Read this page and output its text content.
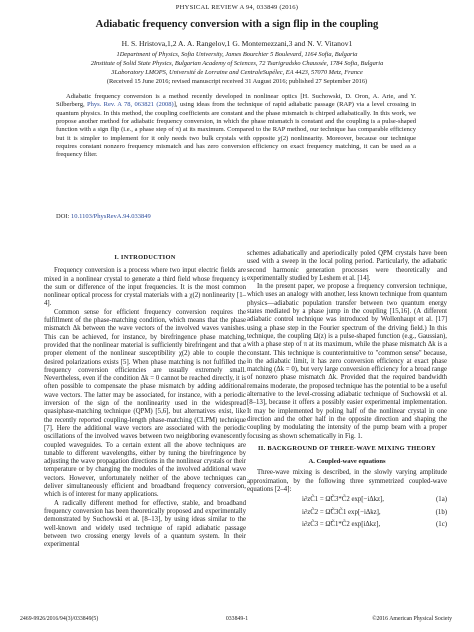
PHYSICAL REVIEW A 94, 033849 (2016)
Adiabatic frequency conversion with a sign flip in the coupling
H. S. Hristova,1,2 A. A. Rangelov,1 G. Montemezzani,3 and N. V. Vitanov1
1Department of Physics, Sofia University, James Bourchier 5 Boulevard, 1164 Sofia, Bulgaria
2Institute of Solid State Physics, Bulgarian Academy of Sciences, 72 Tsarigradsko Chaussée, 1784 Sofia, Bulgaria
3Laboratory LMOPS, Université de Lorraine and CentraleSupélec, EA 4423, 57070 Metz, France
(Received 15 June 2016; revised manuscript received 31 August 2016; published 27 September 2016)
Adiabatic frequency conversion is a method recently developed in nonlinear optics [H. Suchowski, D. Oron, A. Arie, and Y. Silberberg, Phys. Rev. A 78, 063821 (2008)], using ideas from the technique of rapid adiabatic passage (RAP) via a level crossing in quantum physics. In this method, the coupling coefficients are constant and the phase mismatch is chirped adiabatically. In this work, we propose another method for adiabatic frequency conversion, in which the phase mismatch is constant and the coupling is a pulse-shaped function with a sign flip (i.e., a phase step of π) at its maximum. Compared to the RAP method, our technique has comparable efficiency but it is simpler to implement for it only needs two bulk crystals with opposite χ(2) nonlinearity. Moreover, because our technique requires constant nonzero frequency mismatch and has zero conversion efficiency on exact frequency matching, it can be used as a frequency filter.
DOI: 10.1103/PhysRevA.94.033849
I. INTRODUCTION

Frequency conversion is a process where two input electric fields are mixed in a nonlinear crystal to generate a third field whose frequency is the sum or difference of the input frequencies. It is the most common nonlinear optical process for crystal materials with a χ(2) nonlinearity [1–4].

Common sense for efficient frequency conversion requires the fulfillment of the phase-matching condition, which means that the phase mismatch Δk between the wave vectors of the involved waves vanishes. This can be achieved, for instance, by birefringence phase matching, provided that the nonlinear material is sufficiently birefringent and that a proper element of the nonlinear susceptibility χ(2) able to couple the desired polarizations exists [5]. When phase matching is not fulfilled the frequency conversion efficiencies are usually extremely small. Nevertheless, even if the condition Δk = 0 cannot be reached directly, it is often possible to compensate the phase mismatch by adding additional wave vectors. The latter may be associated, for instance, with a periodic inversion of the sign of the nonlinearity used in the widespread quasiphase-matching technique (QPM) [5,6], but alternatives exist, like the recently reported coupling-length phase-matching (CLPM) technique [7]. Here the additional wave vectors are associated with the periodic oscillations of the involved waves between two neighboring evanescently coupled waveguides. To a certain extent all the above techniques are tunable to different wavelengths, either by tuning the birefringence by adjusting the wave propagation directions in the nonlinear crystals or their temperature or by changing the modules of the involved additional wave vectors. However, unfortunately neither of the above techniques can deliver simultaneously efficient and broadband frequency conversion, which is of interest for many applications.

A radically different method for effective, stable, and broadband frequency conversion has been theoretically proposed and experimentally demonstrated by Suchowski et al. [8–13], by using ideas similar to the well-known and widely used technique of rapid adiabatic passage between two crossing energy levels of a quantum system. In their experimental

schemes adiabatically and aperiodically poled QPM crystals have been used with a sweep in the local poling period. Particularly, the adiabatic second harmonic generation processes were theoretically and experimentally studied by Leshem et al. [14].

In the present paper, we propose a frequency conversion technique, which uses an analogy with another, less known technique from quantum physics—adiabatic population transfer between two quantum energy states mediated by a phase jump in the coupling [15,16]. (A different adiabatic control technique was introduced by Wollenhaupt et al. [17] using a phase step in the Fourier spectrum of the driving field.) In this technique, the coupling Ω(z) is a pulse-shaped function (e.g., Gaussian), with a phase step of π at its maximum, while the phase mismatch Δk is a constant. This technique is counterintuitive to "common sense" because, in the adiabatic limit, it has zero conversion efficiency at exact phase matching (Δk = 0), but very large conversion efficiency for a broad range of nonzero phase mismatch Δk. Provided that the required bandwidth remains moderate, the proposed technique has the potential to be a useful alternative to the level-crossing adiabatic technique of Suchowski et al. [8–13], because it offers a possibly easier experimental implementation. It may be implemented by poling half of the nonlinear crystal in one direction and the other half in the opposite direction and shaping the coupling by modulating the intensity of the pump beam with a proper focusing as shown schematically in Fig. 1.

II. BACKGROUND OF THREE-WAVE MIXING THEORY
A. Coupled-wave equations

Three-wave mixing is described, in the slowly varying amplitude approximation, by the following three symmetrized coupled-wave equations [2–4]:

i∂zC̃1 = Ω̃C̃3*C̃2 exp[−iΔkz],	(1a)
i∂zC̃2 = Ω̃C̃3C̃1 exp[−iΔkz],	(1b)
i∂zC̃3 = Ω̃C̃1*C̃2 exp[iΔkz],	(1c)
2469-9926/2016/94(3)/033849(5)	033849-1	©2016 American Physical Society
